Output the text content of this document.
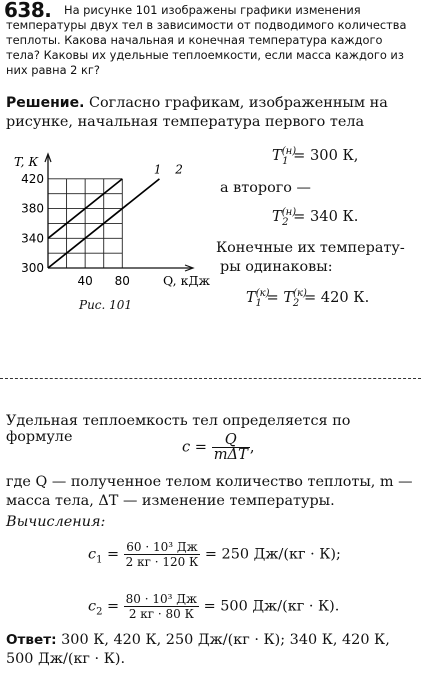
638.	На рисунке 101 изображены графики изменения температуры двух тел в зависимости от подводимого количества теплоты. Какова начальная и конечная температура каждого тела? Каковы их удельные теплоемкости, если масса каждого из них равна 2 кг?
Решение. Согласно графикам, изображенным на рисунке, начальная температура первого тела
1 2
420
380
340
300
40 80
T, К
Q, кДж
Рис. 101
$T^{(н)}_1 = 300$ К,
а второго —
$T^{(н)}_2 = 340$ К.
Конечные их температу-
ры одинаковы:
$T^{(к)}_1 = T^{(к)}_2 = 420$ К.
Удельная теплоемкость тел определяется по формуле
$c = \frac{Q}{\text{mΔT}}$ ,
где Q — полученное телом количество теплоты, m —
масса тела, ΔT — изменение температуры.
Вычисления:
$c_1 = \frac{\text{60 · 10³ Дж}}{2 кг \cdot 120 К} = 250$ Дж/(кг · К);
$c_2 = \frac{\text{80 · 10³ Дж}}{2 кг \cdot 80 К} = 500$ Дж/(кг · К).
Ответ: 300 К, 420 К, 250 Дж/(кг · К); 340 К, 420 К,
500 Дж/(кг · К).
